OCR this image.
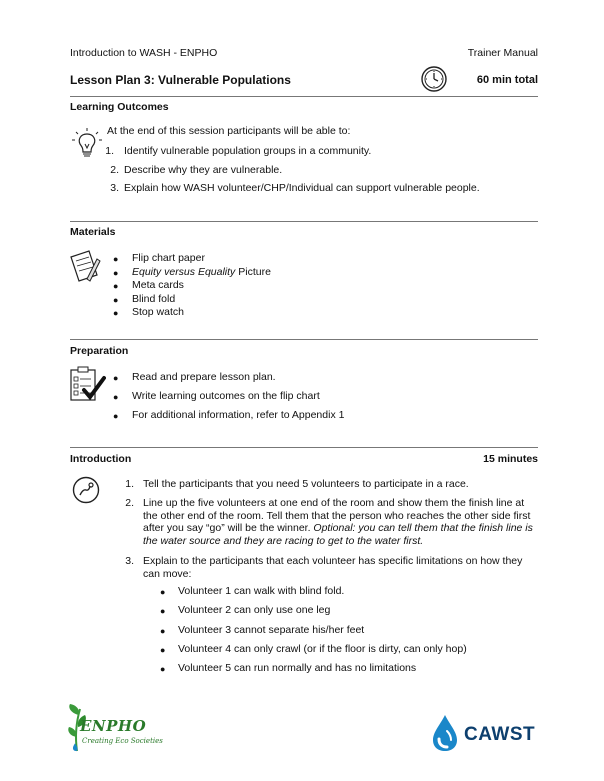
Introduction to WASH - ENPHO	Trainer Manual
Lesson Plan 3: Vulnerable Populations	60 min total
Learning Outcomes
At the end of this session participants will be able to:
1. Identify vulnerable population groups in a community.
2. Describe why they are vulnerable.
3. Explain how WASH volunteer/CHP/Individual can support vulnerable people.
Materials
● Flip chart paper
● Equity versus Equality Picture
● Meta cards
● Blind fold
● Stop watch
Preparation
● Read and prepare lesson plan.
● Write learning outcomes on the flip chart
● For additional information, refer to Appendix 1
Introduction	15 minutes
1. Tell the participants that you need 5 volunteers to participate in a race.
2. Line up the five volunteers at one end of the room and show them the finish line at the other end of the room. Tell them that the person who reaches the other side first after you say “go” will be the winner. Optional: you can tell them that the finish line is the water source and they are racing to get to the water first.
3. Explain to the participants that each volunteer has specific limitations on how they can move:
● Volunteer 1 can walk with blind fold.
● Volunteer 2 can only use one leg
● Volunteer 3 cannot separate his/her feet
● Volunteer 4 can only crawl (or if the floor is dirty, can only hop)
● Volunteer 5 can run normally and has no limitations
ENPHO
Creating Eco Societies	CAWST
